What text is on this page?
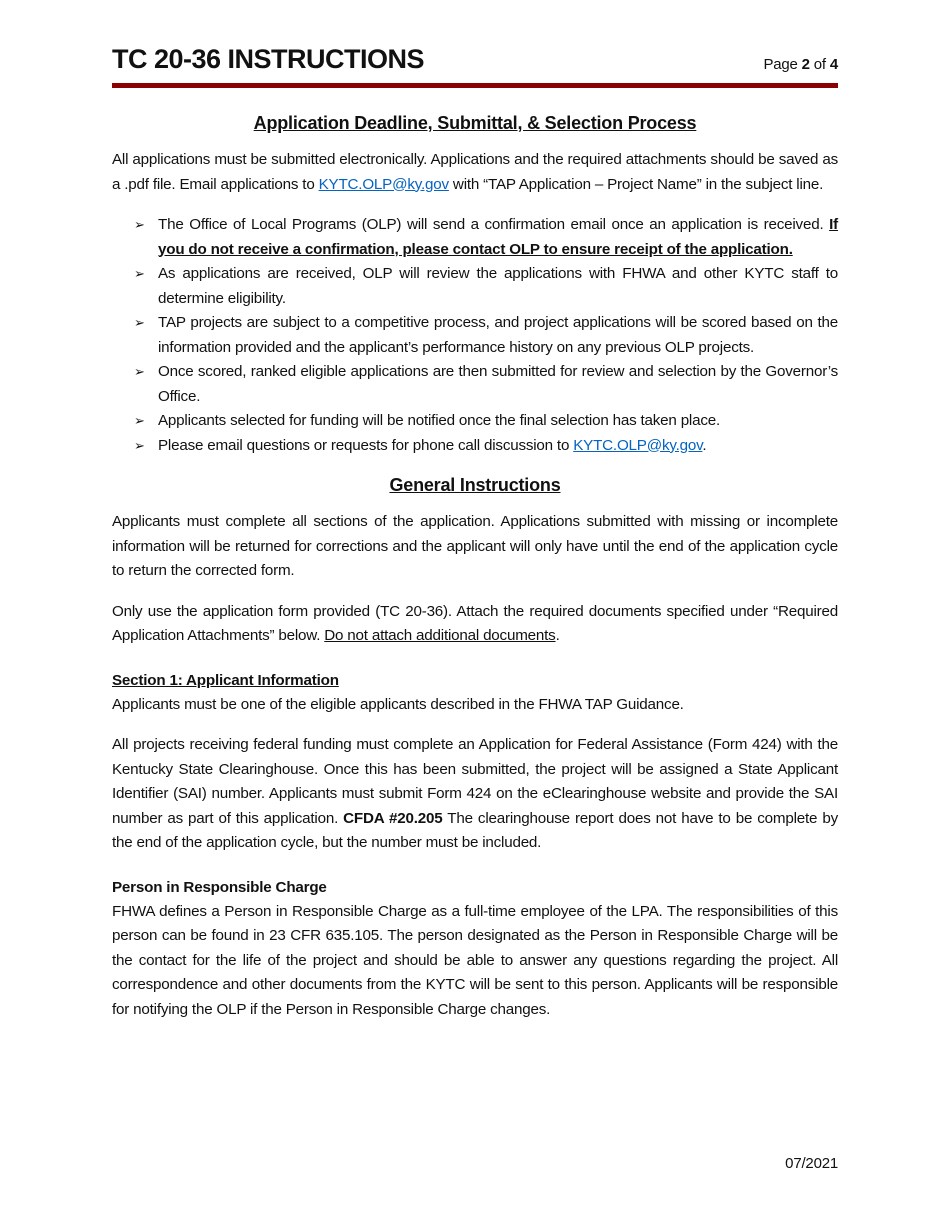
TC 20-36 INSTRUCTIONS	Page 2 of 4
Application Deadline, Submittal, & Selection Process

All applications must be submitted electronically. Applications and the required attachments should be saved as a .pdf file. Email applications to KYTC.OLP@ky.gov with “TAP Application – Project Name” in the subject line.

➢ The Office of Local Programs (OLP) will send a confirmation email once an application is received. If you do not receive a confirmation, please contact OLP to ensure receipt of the application.
➢ As applications are received, OLP will review the applications with FHWA and other KYTC staff to determine eligibility.
➢ TAP projects are subject to a competitive process, and project applications will be scored based on the information provided and the applicant’s performance history on any previous OLP projects.
➢ Once scored, ranked eligible applications are then submitted for review and selection by the Governor’s Office.
➢ Applicants selected for funding will be notified once the final selection has taken place.
➢ Please email questions or requests for phone call discussion to KYTC.OLP@ky.gov.
General Instructions

Applicants must complete all sections of the application. Applications submitted with missing or incomplete information will be returned for corrections and the applicant will only have until the end of the application cycle to return the corrected form.

Only use the application form provided (TC 20-36). Attach the required documents specified under “Required Application Attachments” below. Do not attach additional documents.

Section 1: Applicant Information

Applicants must be one of the eligible applicants described in the FHWA TAP Guidance.

All projects receiving federal funding must complete an Application for Federal Assistance (Form 424) with the Kentucky State Clearinghouse. Once this has been submitted, the project will be assigned a State Applicant Identifier (SAI) number. Applicants must submit Form 424 on the eClearinghouse website and provide the SAI number as part of this application. CFDA #20.205 The clearinghouse report does not have to be complete by the end of the application cycle, but the number must be included.

Person in Responsible Charge

FHWA defines a Person in Responsible Charge as a full-time employee of the LPA. The responsibilities of this person can be found in 23 CFR 635.105. The person designated as the Person in Responsible Charge will be the contact for the life of the project and should be able to answer any questions regarding the project. All correspondence and other documents from the KYTC will be sent to this person. Applicants will be responsible for notifying the OLP if the Person in Responsible Charge changes.

07/2021
